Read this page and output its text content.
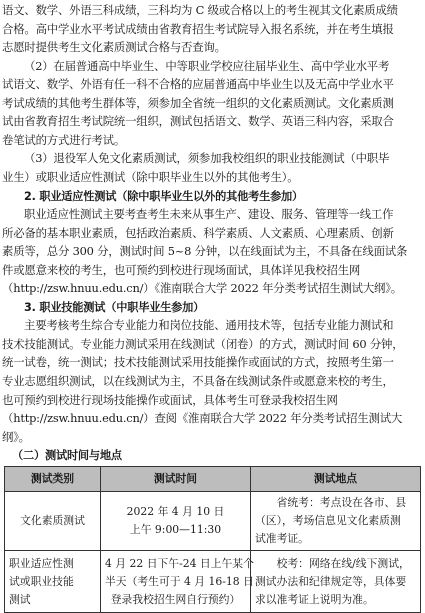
语文、数学、外语三科成绩，三科均为 C 级或合格以上的考生视其文化素质成绩
合格。高中学业水平考试成绩由省教育招生考试院导入报名系统，并在考生填报
志愿时提供考生文化素质测试合格与否查询。
（2）在届普通高中毕业生、中等职业学校应往届毕业生、高中学业水平考
试语文、数学、外语有任一科不合格的应届普通高中毕业生以及无高中学业水平
考试成绩的其他考生群体等，须参加全省统一组织的文化素质测试。文化素质测
试由省教育招生考试院统一组织，测试包括语文、数学、英语三科内容，采取合
卷笔试的方式进行考试。
（3）退役军人免文化素质测试，须参加我校组织的职业技能测试（中职毕
业生）或职业适应性测试（除中职毕业生以外的其他考生）。
2. 职业适应性测试（除中职毕业生以外的其他考生参加）
职业适应性测试主要考查考生未来从事生产、建设、服务、管理等一线工作
所必备的基本职业素质，包括政治素质、科学素质、人文素质、心理素质、创新
素质等，总分 300 分，测试时间 5~8 分钟，以在线面试为主，不具备在线面试条
件或愿意来校的考生，也可预约到校进行现场面试，具体详见我校招生网
（http://zsw.hnuu.edu.cn/）《淮南联合大学 2022 年分类考试招生测试大纲》。
3. 职业技能测试（中职毕业生参加）
主要考核考生综合专业能力和岗位技能、通用技术等，包括专业能力测试和
技术技能测试。专业能力测试采用在线测试（闭卷）的方式，测试时间 60 分钟，
统一试卷，统一测试；技术技能测试采用技能操作或面试的方式，按照考生第一
专业志愿组织测试，以在线测试为主，不具备在线测试条件或愿意来校的考生，
也可预约到校进行现场技能操作或面试，具体考生可登录我校招生网
（http://zsw.hnuu.edu.cn/）查阅《淮南联合大学 2022 年分类考试招生测试大
纲》。
（二）测试时间与地点
测试类别	测试时间	测试地点

文化素质测试	2022 年 4 月 10 日
上午 9:00—11:30	　　省统考：考点设在各市、县
（区），考场信息见文化素质测
试准考证。

职业适应性测
试或职业技能
测试	4 月 22 日下午-24 日上午某个
半天（考生可于 4 月 16-18 日
登录我校招生网自行预约）	　　校考：网络在线/线下测试，
测试办法和纪律规定等，具体要
求以准考证上说明为准。
